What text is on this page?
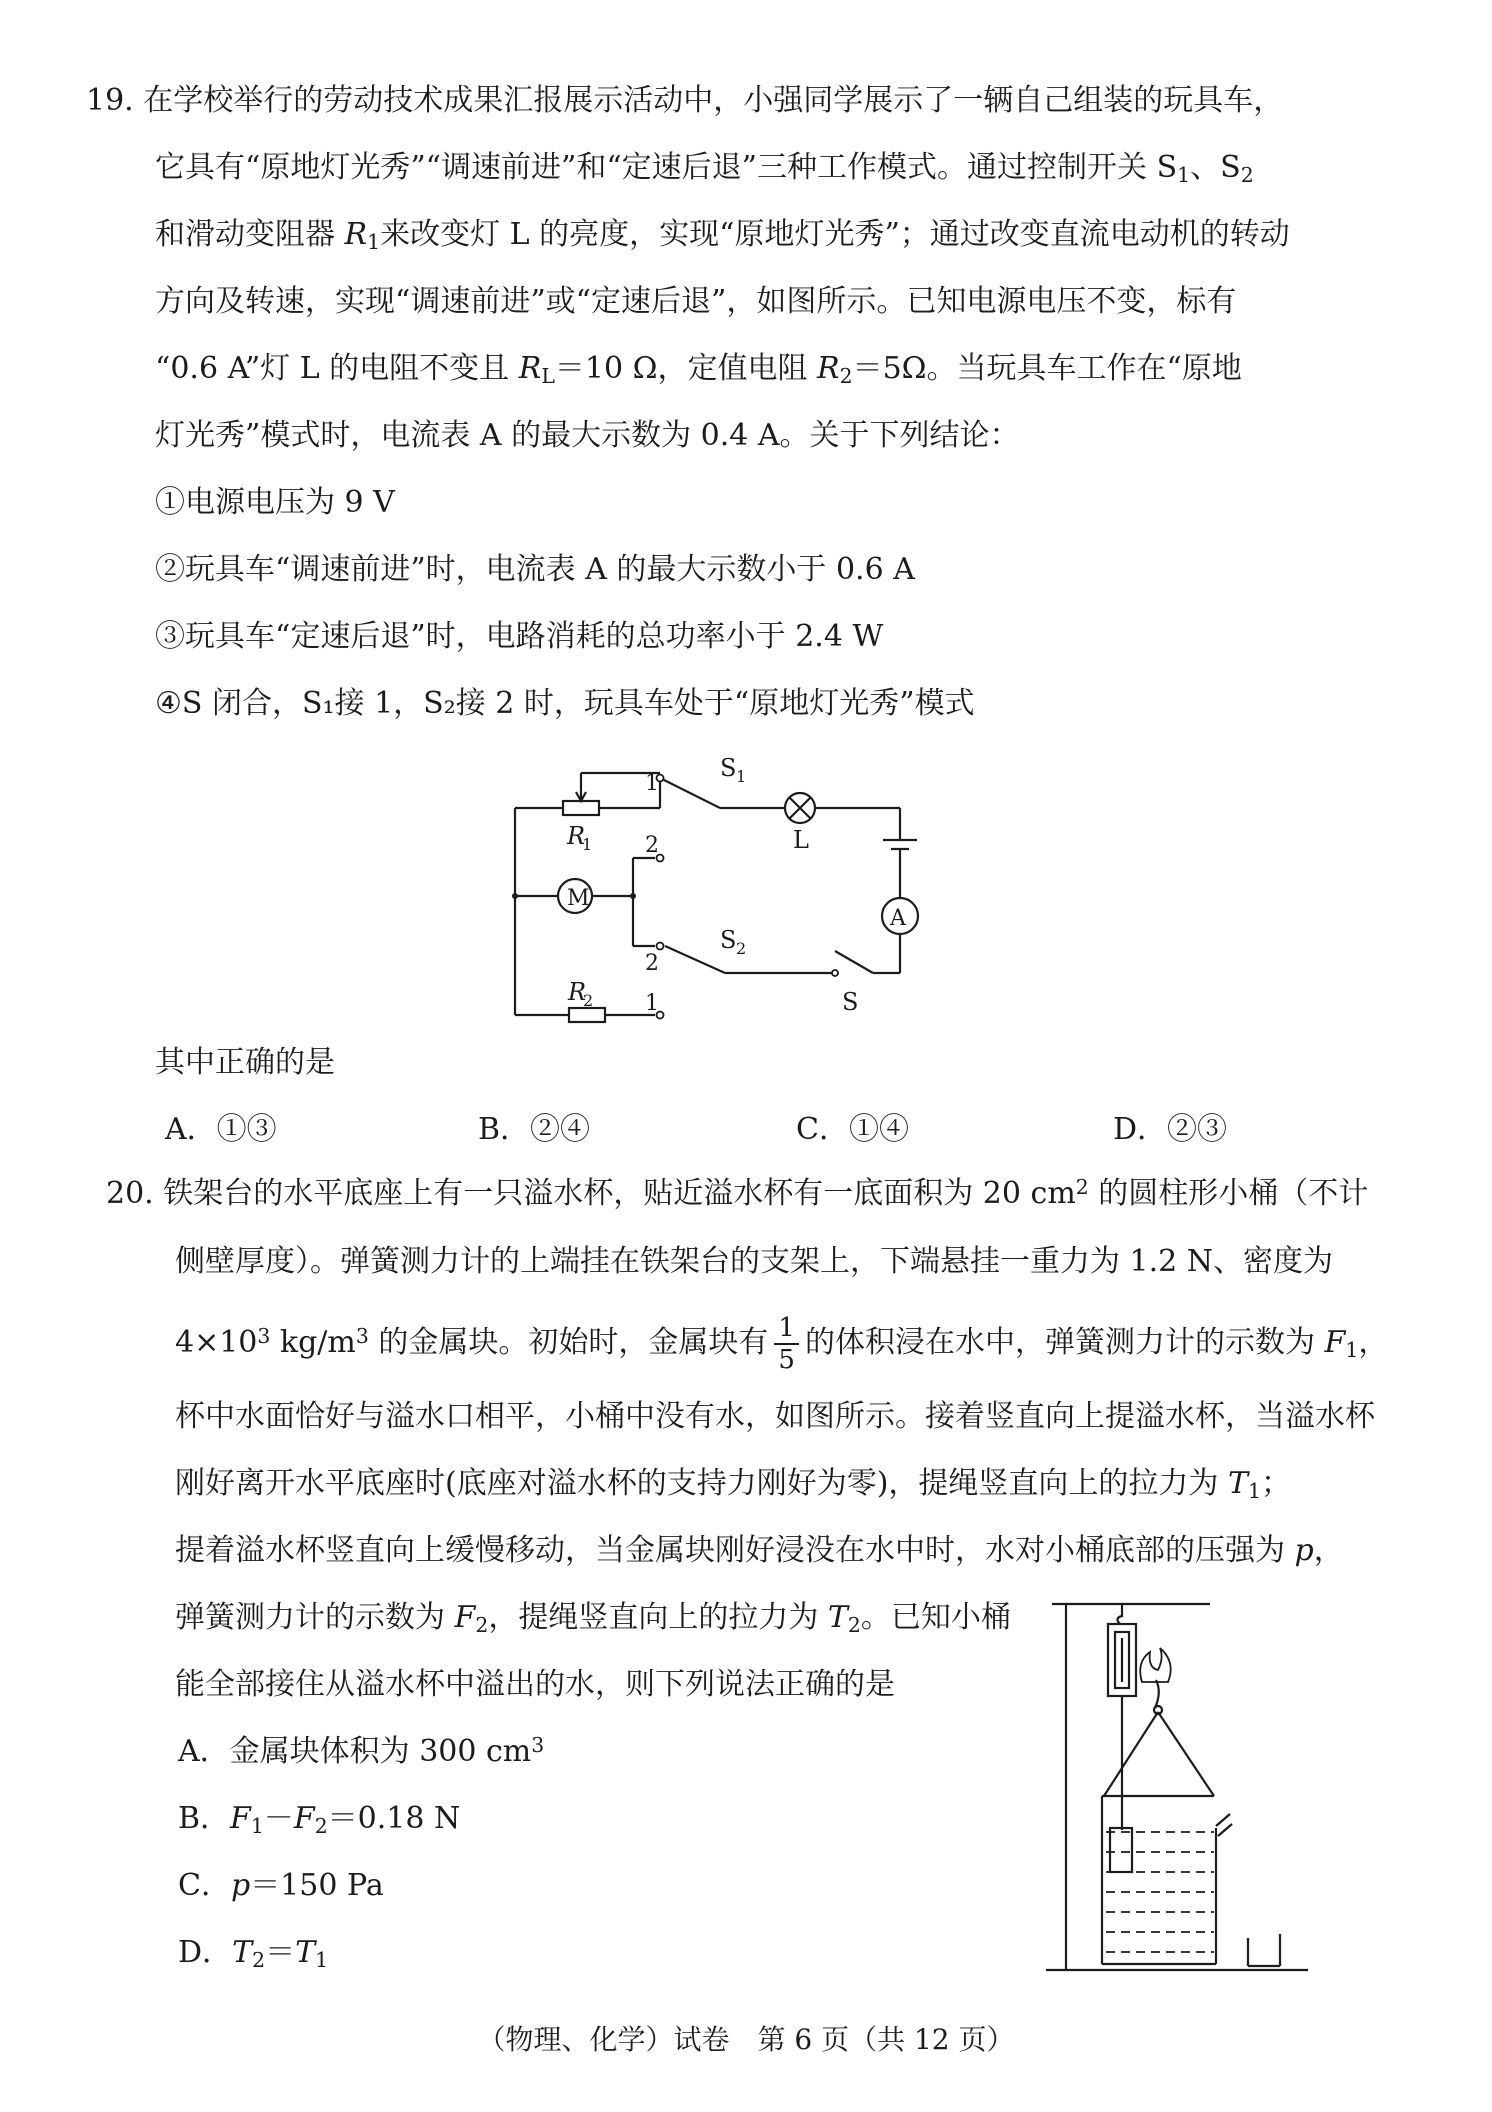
19. 在学校举行的劳动技术成果汇报展示活动中，小强同学展示了一辆自己组装的玩具车，
它具有“原地灯光秀”“调速前进”和“定速后退”三种工作模式。通过控制开关 $S_1$、$S_2$
和滑动变阻器 $R_1$来改变灯 L 的亮度，实现“原地灯光秀”；通过改变直流电动机的转动
方向及转速，实现“调速前进”或“定速后退”，如图所示。已知电源电压不变，标有
“0.6 A”灯 L 的电阻不变且 $R_L=10$ Ω，定值电阻 $R_2=5\Omega$。当玩具车工作在“原地
灯光秀”模式时，电流表 A 的最大示数为 0.4 A。关于下列结论：
①电源电压为 9 V
②玩具车“调速前进”时，电流表 A 的最大示数小于 0.6 A
③玩具车“定速后退”时，电路消耗的总功率小于 2.4 W
④S 闭合，S₁接 1，S₂接 2 时，玩具车处于“原地灯光秀”模式
R
1
R
2
M
A
L
S 1
S 2
S
1
2
2
1
其中正确的是
A．①③	B．②④	C．①④	D．②③
20. 铁架台的水平底座上有一只溢水杯，贴近溢水杯有一底面积为 20 $cm^2$ 的圆柱形小桶（不计
侧壁厚度）。弹簧测力计的上端挂在铁架台的支架上，下端悬挂一重力为 1.2 N、密度为
$4\times 10^3$ $kg/m^3$ 的金属块。初始时，金属块有 $\frac{1}{5}$ 的体积浸在水中，弹簧测力计的示数为 $F_1$，
杯中水面恰好与溢水口相平，小桶中没有水，如图所示。接着竖直向上提溢水杯，当溢水杯
刚好离开水平底座时(底座对溢水杯的支持力刚好为零)，提绳竖直向上的拉力为 $T_1$；
提着溢水杯竖直向上缓慢移动，当金属块刚好浸没在水中时，水对小桶底部的压强为 p，
弹簧测力计的示数为 $F_2$，提绳竖直向上的拉力为 $T_2$。已知小桶
能全部接住从溢水杯中溢出的水，则下列说法正确的是
A．金属块体积为 300 $cm^3$
B．$F_1-F_2=0.18$ N
C．p＝150 Pa
D．$T_2=T_1$
（物理、化学）试卷　第 6 页（共 12 页）
